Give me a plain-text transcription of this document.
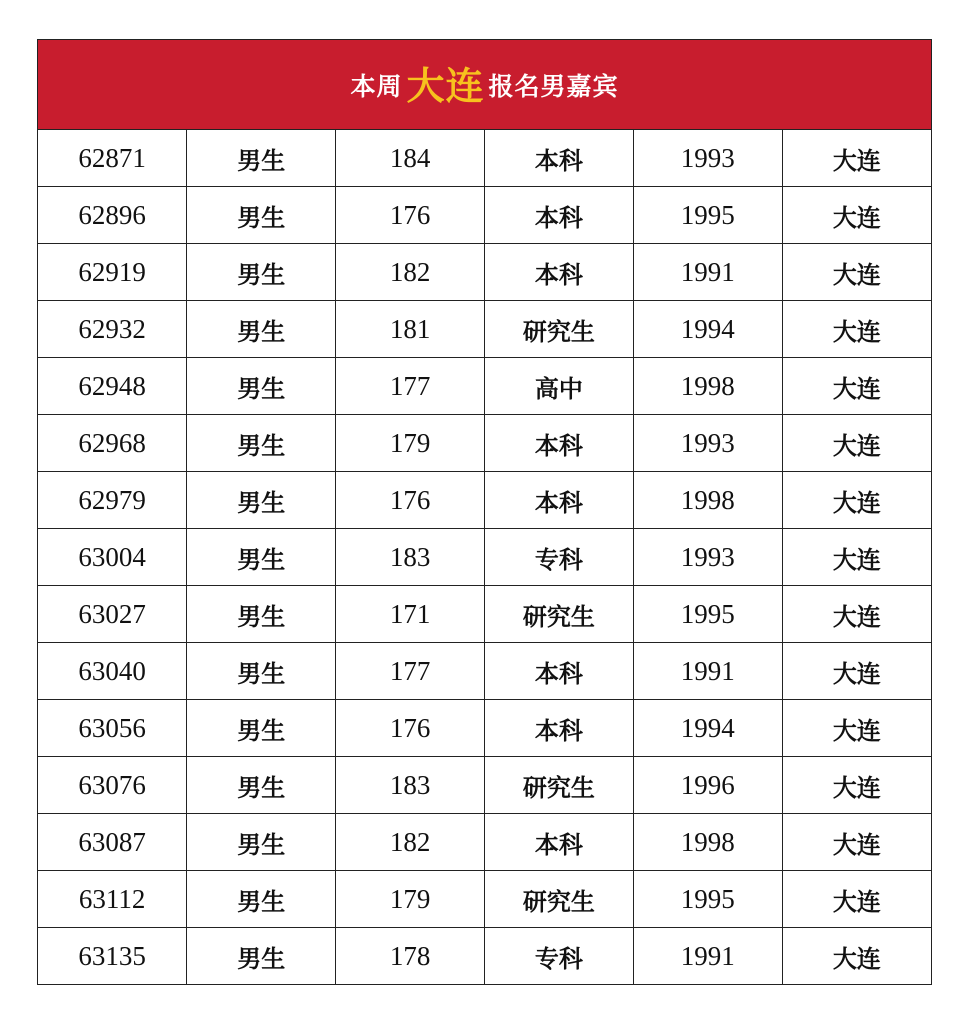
本周 大连 报名男嘉宾
62871	男生	184	本科	1993	大连
62896	男生	176	本科	1995	大连
62919	男生	182	本科	1991	大连
62932	男生	181	研究生	1994	大连
62948	男生	177	高中	1998	大连
62968	男生	179	本科	1993	大连
62979	男生	176	本科	1998	大连
63004	男生	183	专科	1993	大连
63027	男生	171	研究生	1995	大连
63040	男生	177	本科	1991	大连
63056	男生	176	本科	1994	大连
63076	男生	183	研究生	1996	大连
63087	男生	182	本科	1998	大连
63112	男生	179	研究生	1995	大连
63135	男生	178	专科	1991	大连
